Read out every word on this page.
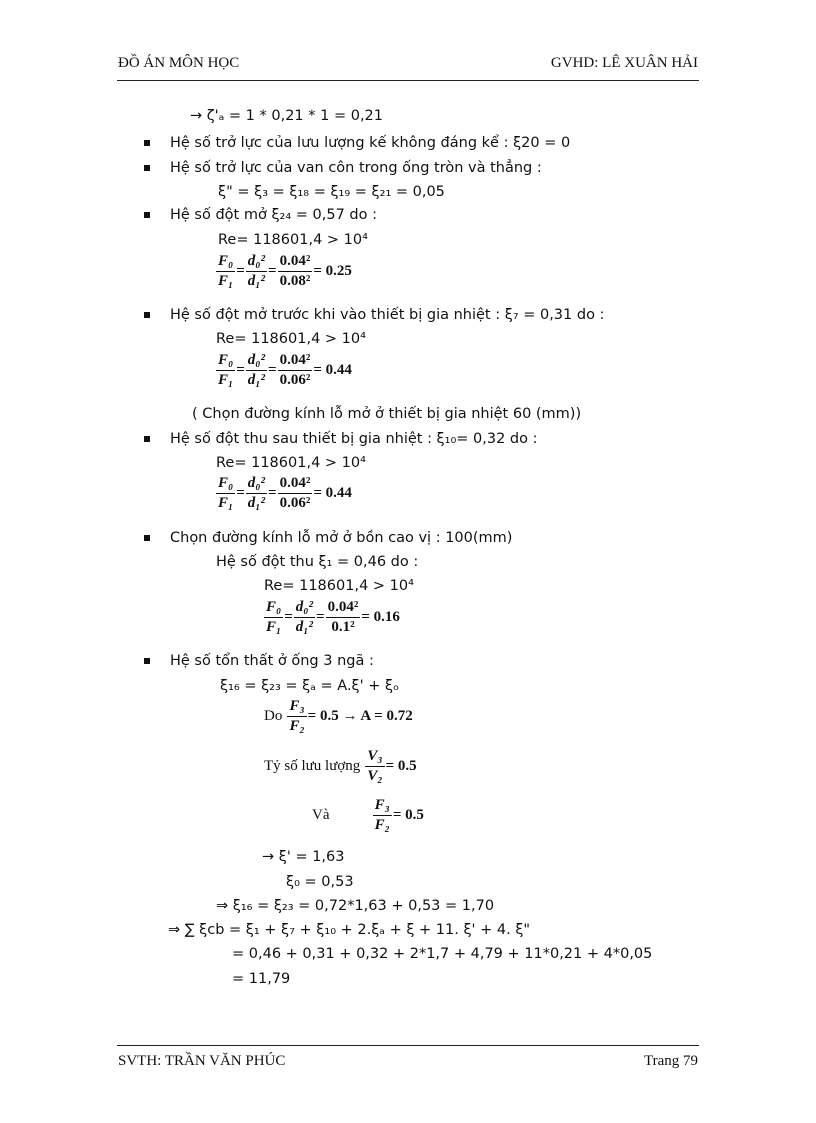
ĐỒ ÁN MÔN HỌC	GVHD: LÊ XUÂN HẢI
→ ζ'ₐ = 1 * 0,21 * 1 = 0,21
Hệ số trở lực của lưu lượng kế không đáng kể : ξ20 = 0
Hệ số trở lực của van côn trong ống tròn và thẳng :
ξ" = ξ₃ = ξ₁₈ = ξ₁₉ = ξ₂₁ = 0,05
Hệ số đột mở ξ₂₄ = 0,57 do :
Re= 118601,4 > 10⁴
$\frac{\text{F₀}}{\text{F₁}} = \frac{\text{d₀²}}{\text{d₁²}} = \frac{\text{0.04²}}{\text{0.08²}} = 0.25$
Hệ số đột mở trước khi vào thiết bị gia nhiệt : ξ₇ = 0,31 do :
Re= 118601,4 > 10⁴
$\frac{\text{F₀}}{\text{F₁}} = \frac{\text{d₀²}}{\text{d₁²}} = \frac{\text{0.04²}}{\text{0.06²}} = 0.44$
( Chọn đường kính lỗ mở ở thiết bị gia nhiệt 60 (mm))
Hệ số đột thu sau thiết bị gia nhiệt : ξ₁₀= 0,32 do :
Re= 118601,4 > 10⁴
$\frac{\text{F₀}}{\text{F₁}} = \frac{\text{d₀²}}{\text{d₁²}} = \frac{\text{0.04²}}{\text{0.06²}} = 0.44$
Chọn đường kính lỗ mở ở bồn cao vị : 100(mm)
Hệ số đột thu ξ₁ = 0,46 do :
Re= 118601,4 > 10⁴
$\frac{\text{F₀}}{\text{F₁}} = \frac{\text{d₀²}}{\text{d₁²}} = \frac{\text{0.04²}}{\text{0.1²}} = 0.16$
Hệ số tổn thất ở ống 3 ngã :
ξ₁₆ = ξ₂₃ = ξₐ = A.ξ' + ξₒ
Do $\frac{\text{F₃}}{\text{F₂}} = 0.5 \to A = 0.72$
Tỷ số lưu lượng $\frac{\text{V₃}}{\text{V₂}} = 0.5$
Và	$\frac{\text{F₃}}{\text{F₂}} = 0.5$
→ ξ' = 1,63
ξ₀ = 0,53
⇒ ξ₁₆ = ξ₂₃ = 0,72*1,63 + 0,53 = 1,70
⇒ ∑ ξcb = ξ₁ + ξ₇ + ξ₁₀ + 2.ξₐ + ξ + 11. ξ' + 4. ξ"
= 0,46 + 0,31 + 0,32 + 2*1,7 + 4,79 + 11*0,21 + 4*0,05
= 11,79
SVTH: TRẦN VĂN PHÚC	Trang 79
